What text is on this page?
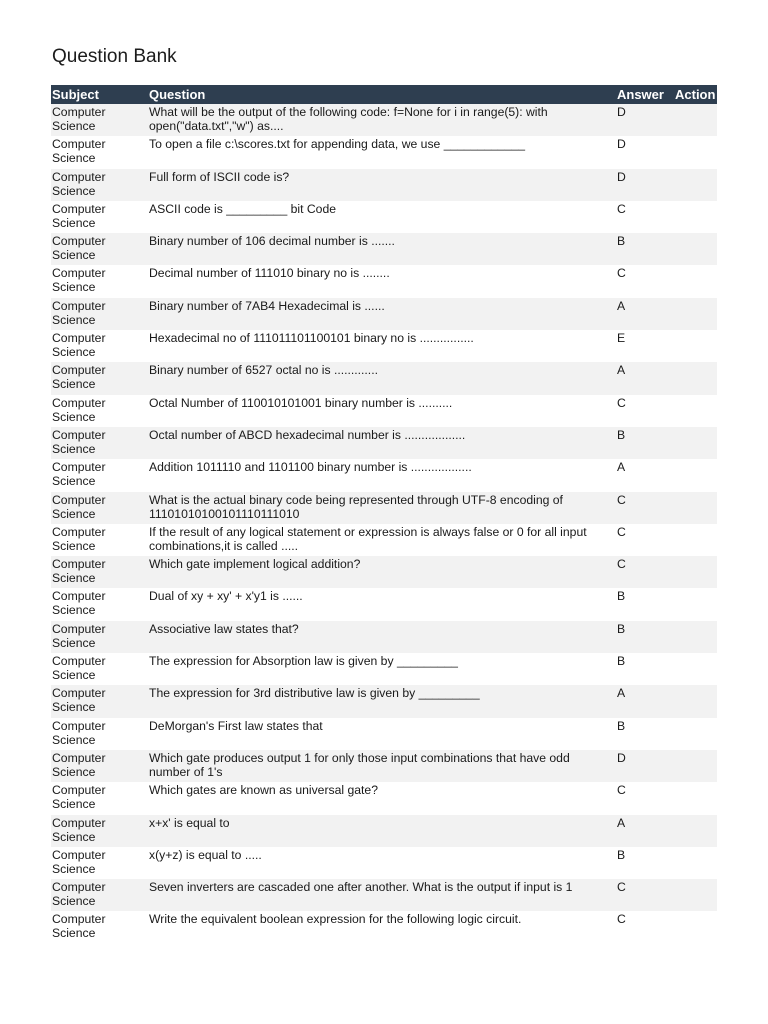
Question Bank
Subject	Question	Answer	Action
Computer Science	What will be the output of the following code: f=None for i in range(5): with open("data.txt","w") as....	D	
Computer Science	To open a file c:\scores.txt for appending data, we use ____________	D	
Computer Science	Full form of ISCII code is?	D	
Computer Science	ASCII code is _________ bit Code	C	
Computer Science	Binary number of 106 decimal number is .......	B	
Computer Science	Decimal number of 111010 binary no is ........	C	
Computer Science	Binary number of 7AB4 Hexadecimal is ......	A	
Computer Science	Hexadecimal no of 111011101100101 binary no is ................	E	
Computer Science	Binary number of 6527 octal no is .............	A	
Computer Science	Octal Number of 110010101001 binary number is ..........	C	
Computer Science	Octal number of ABCD hexadecimal number is ..................	B	
Computer Science	Addition 1011110 and 1101100 binary number is ..................	A	
Computer Science	What is the actual binary code being represented through UTF-8 encoding of 11101010100101110111010	C	
Computer Science	If the result of any logical statement or expression is always false or 0 for all input combinations,it is called .....	C	
Computer Science	Which gate implement logical addition?	C	
Computer Science	Dual of xy + xy' + x'y1 is ......	B	
Computer Science	Associative law states that?	B	
Computer Science	The expression for Absorption law is given by _________	B	
Computer Science	The expression for 3rd distributive law is given by _________	A	
Computer Science	DeMorgan's First law states that	B	
Computer Science	Which gate produces output 1 for only those input combinations that have odd number of 1's	D	
Computer Science	Which gates are known as universal gate?	C	
Computer Science	x+x' is equal to	A	
Computer Science	x(y+z) is equal to .....	B	
Computer Science	Seven inverters are cascaded one after another. What is the output if input is 1	C	
Computer Science	Write the equivalent boolean expression for the following logic circuit.	C	
